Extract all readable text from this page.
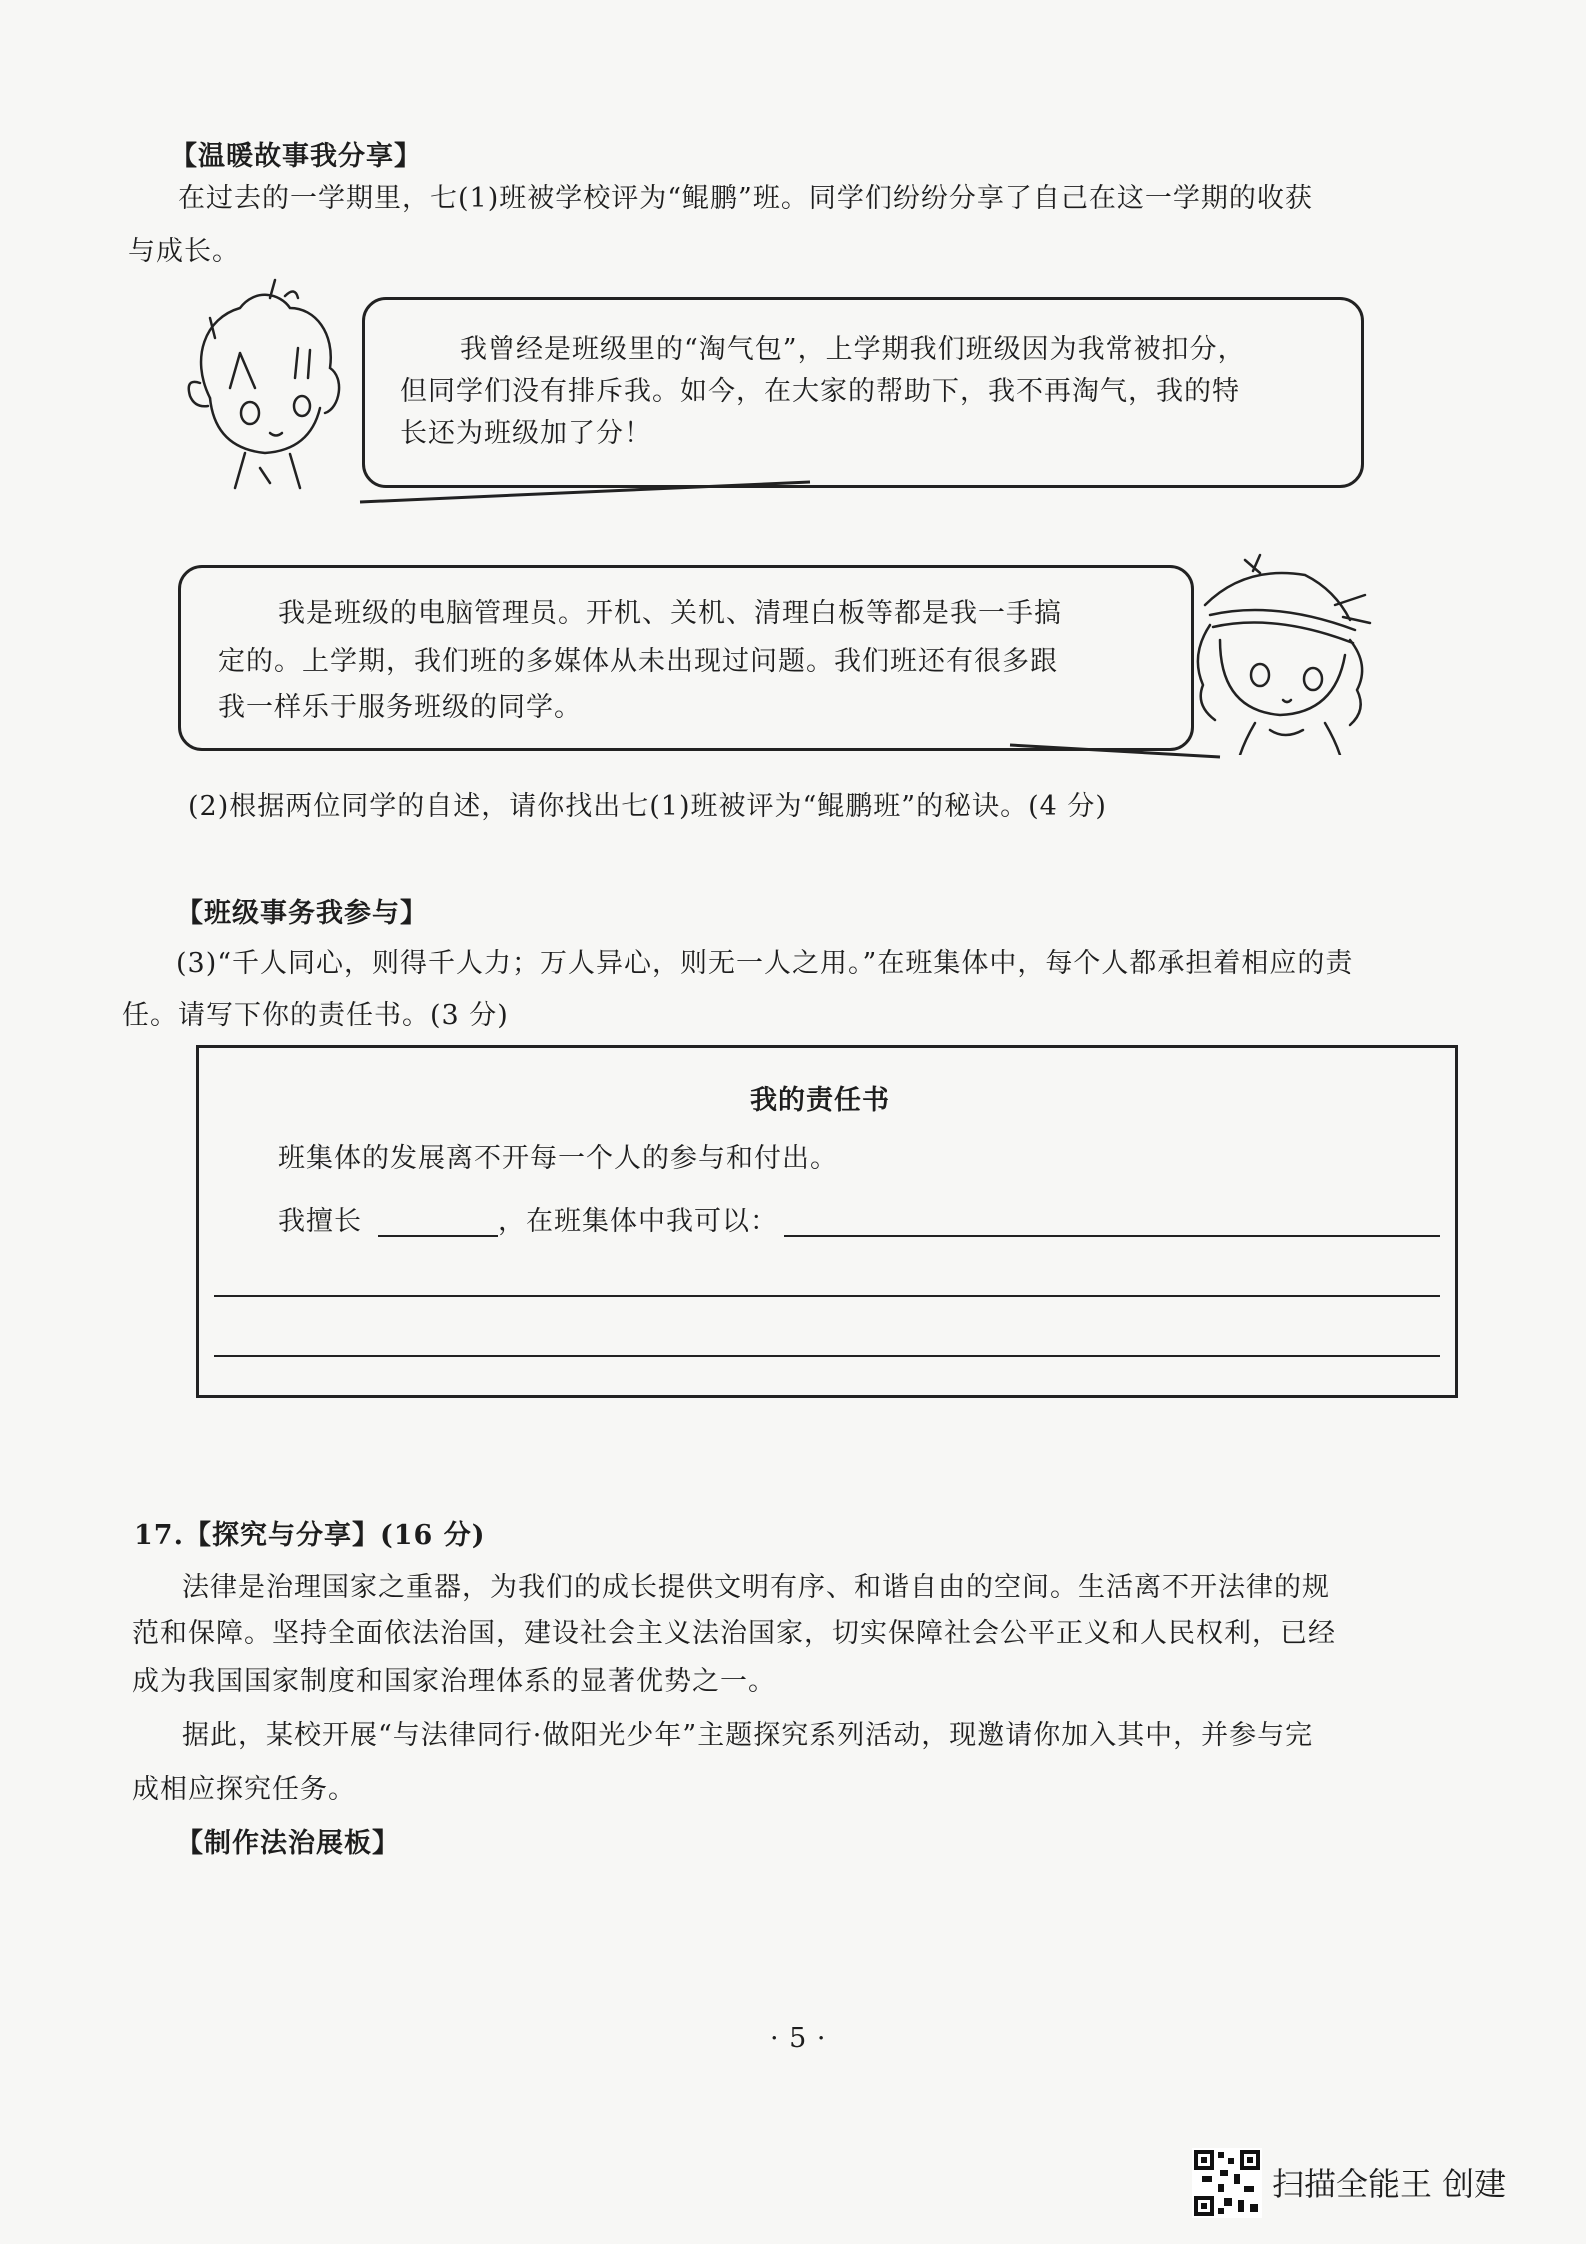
【温暖故事我分享】
在过去的一学期里，七(1)班被学校评为“鲲鹏”班。同学们纷纷分享了自己在这一学期的收获
与成长。
我曾经是班级里的“淘气包”，上学期我们班级因为我常被扣分，
但同学们没有排斥我。如今，在大家的帮助下，我不再淘气，我的特
长还为班级加了分！
我是班级的电脑管理员。开机、关机、清理白板等都是我一手搞
定的。上学期，我们班的多媒体从未出现过问题。我们班还有很多跟
我一样乐于服务班级的同学。
(2)根据两位同学的自述，请你找出七(1)班被评为“鲲鹏班”的秘诀。(4 分)
【班级事务我参与】
(3)“千人同心，则得千人力；万人异心，则无一人之用。”在班集体中，每个人都承担着相应的责
任。请写下你的责任书。(3 分)
我的责任书
班集体的发展离不开每一个人的参与和付出。
我擅长	，在班集体中我可以：
17.【探究与分享】(16 分)
法律是治理国家之重器，为我们的成长提供文明有序、和谐自由的空间。生活离不开法律的规
范和保障。坚持全面依法治国，建设社会主义法治国家，切实保障社会公平正义和人民权利，已经
成为我国国家制度和国家治理体系的显著优势之一。
据此，某校开展“与法律同行·做阳光少年”主题探究系列活动，现邀请你加入其中，并参与完
成相应探究任务。
【制作法治展板】
· 5 ·
扫描全能王 创建
